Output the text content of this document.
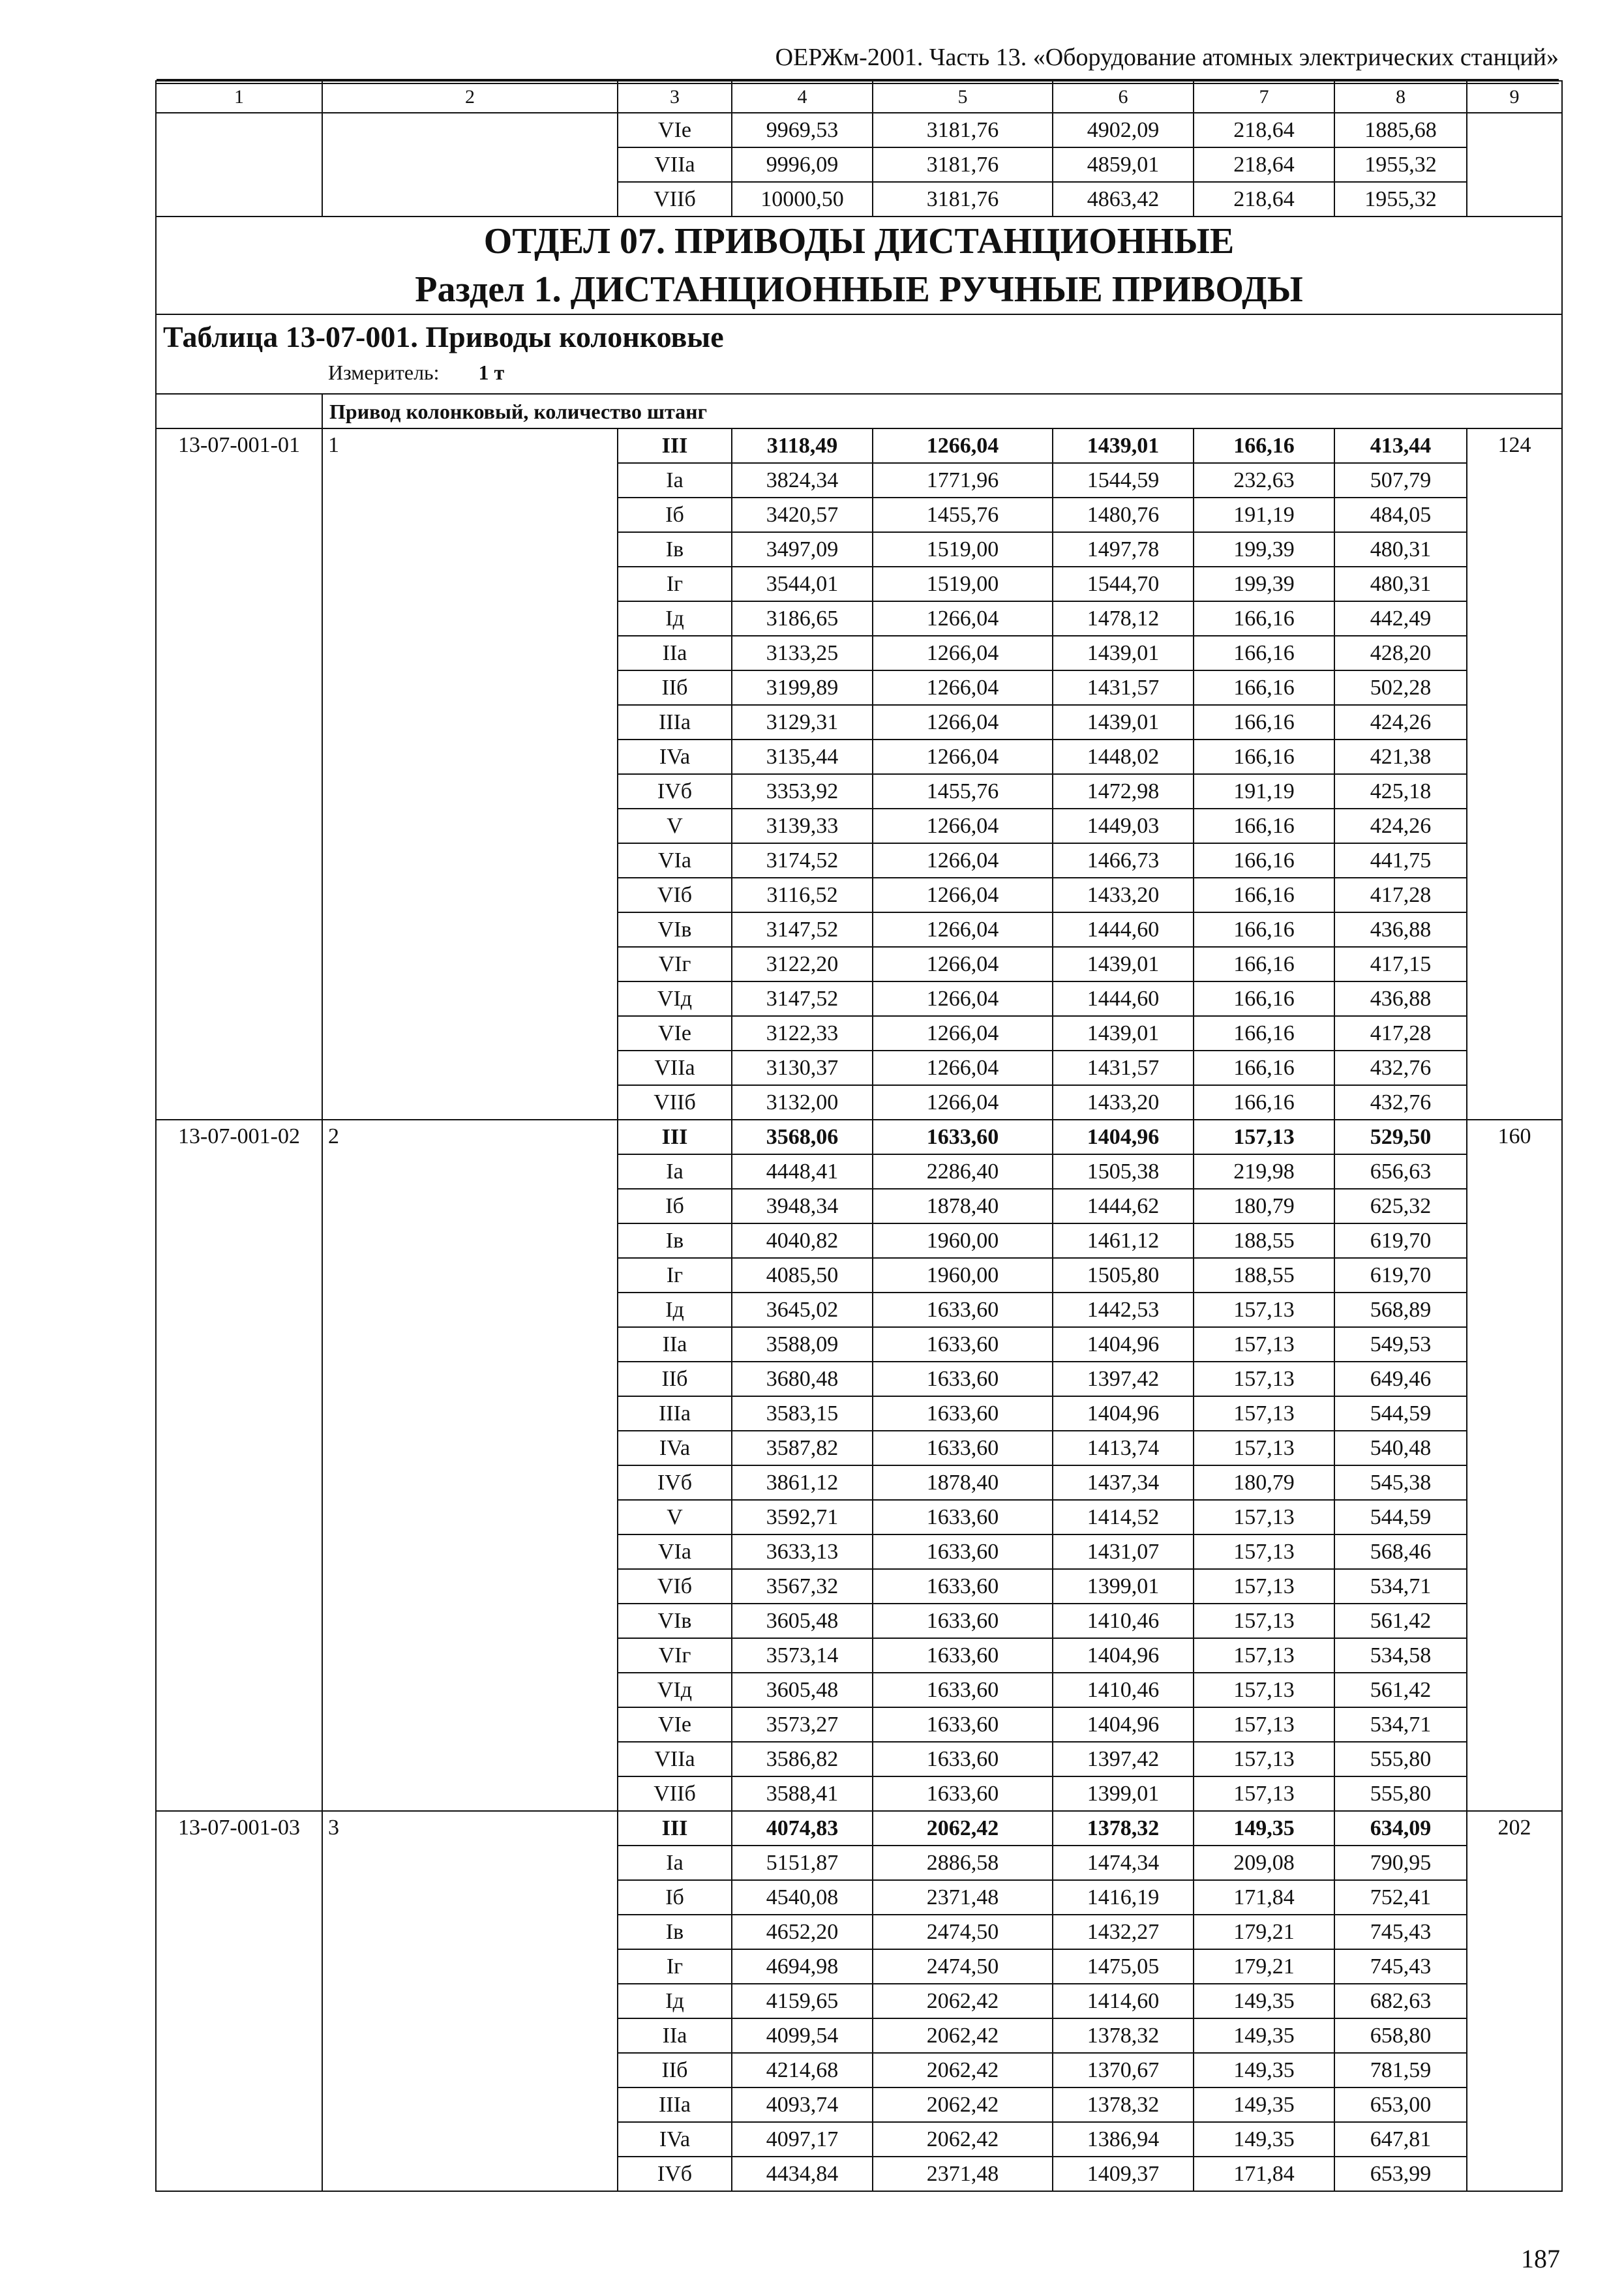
ОЕРЖм-2001. Часть 13. «Оборудование атомных электрических станций»
1	2	3	4	5	6	7	8	9
		VIe	9969,53	3181,76	4902,09	218,64	1885,68	
		VIIa	9996,09	3181,76	4859,01	218,64	1955,32	
		VIIб	10000,50	3181,76	4863,42	218,64	1955,32	

ОТДЕЛ 07. ПРИВОДЫ ДИСТАНЦИОННЫЕ
Раздел 1. ДИСТАНЦИОННЫЕ РУЧНЫЕ ПРИВОДЫ								

Таблица 13-07-001. Приводы колонковые
Измеритель: 1 т								

	Привод колонковый, количество штанг							
13-07-001-01	1	III	3118,49	1266,04	1439,01	166,16	413,44	124
		Ia	3824,34	1771,96	1544,59	232,63	507,79	
		Iб	3420,57	1455,76	1480,76	191,19	484,05	
		Iв	3497,09	1519,00	1497,78	199,39	480,31	
		Iг	3544,01	1519,00	1544,70	199,39	480,31	
		Iд	3186,65	1266,04	1478,12	166,16	442,49	
		IIa	3133,25	1266,04	1439,01	166,16	428,20	
		IIб	3199,89	1266,04	1431,57	166,16	502,28	
		IIIa	3129,31	1266,04	1439,01	166,16	424,26	
		IVa	3135,44	1266,04	1448,02	166,16	421,38	
		IVб	3353,92	1455,76	1472,98	191,19	425,18	
		V	3139,33	1266,04	1449,03	166,16	424,26	
		VIa	3174,52	1266,04	1466,73	166,16	441,75	
		VIб	3116,52	1266,04	1433,20	166,16	417,28	
		VIв	3147,52	1266,04	1444,60	166,16	436,88	
		VIг	3122,20	1266,04	1439,01	166,16	417,15	
		VIд	3147,52	1266,04	1444,60	166,16	436,88	
		VIe	3122,33	1266,04	1439,01	166,16	417,28	
		VIIa	3130,37	1266,04	1431,57	166,16	432,76	
		VIIб	3132,00	1266,04	1433,20	166,16	432,76	
13-07-001-02	2	III	3568,06	1633,60	1404,96	157,13	529,50	160
		Ia	4448,41	2286,40	1505,38	219,98	656,63	
		Iб	3948,34	1878,40	1444,62	180,79	625,32	
		Iв	4040,82	1960,00	1461,12	188,55	619,70	
		Iг	4085,50	1960,00	1505,80	188,55	619,70	
		Iд	3645,02	1633,60	1442,53	157,13	568,89	
		IIa	3588,09	1633,60	1404,96	157,13	549,53	
		IIб	3680,48	1633,60	1397,42	157,13	649,46	
		IIIa	3583,15	1633,60	1404,96	157,13	544,59	
		IVa	3587,82	1633,60	1413,74	157,13	540,48	
		IVб	3861,12	1878,40	1437,34	180,79	545,38	
		V	3592,71	1633,60	1414,52	157,13	544,59	
		VIa	3633,13	1633,60	1431,07	157,13	568,46	
		VIб	3567,32	1633,60	1399,01	157,13	534,71	
		VIв	3605,48	1633,60	1410,46	157,13	561,42	
		VIг	3573,14	1633,60	1404,96	157,13	534,58	
		VIд	3605,48	1633,60	1410,46	157,13	561,42	
		VIe	3573,27	1633,60	1404,96	157,13	534,71	
		VIIa	3586,82	1633,60	1397,42	157,13	555,80	
		VIIб	3588,41	1633,60	1399,01	157,13	555,80	
13-07-001-03	3	III	4074,83	2062,42	1378,32	149,35	634,09	202
		Ia	5151,87	2886,58	1474,34	209,08	790,95	
		Iб	4540,08	2371,48	1416,19	171,84	752,41	
		Iв	4652,20	2474,50	1432,27	179,21	745,43	
		Iг	4694,98	2474,50	1475,05	179,21	745,43	
		Iд	4159,65	2062,42	1414,60	149,35	682,63	
		IIa	4099,54	2062,42	1378,32	149,35	658,80	
		IIб	4214,68	2062,42	1370,67	149,35	781,59	
		IIIa	4093,74	2062,42	1378,32	149,35	653,00	
		IVa	4097,17	2062,42	1386,94	149,35	647,81	
		IVб	4434,84	2371,48	1409,37	171,84	653,99	
187
